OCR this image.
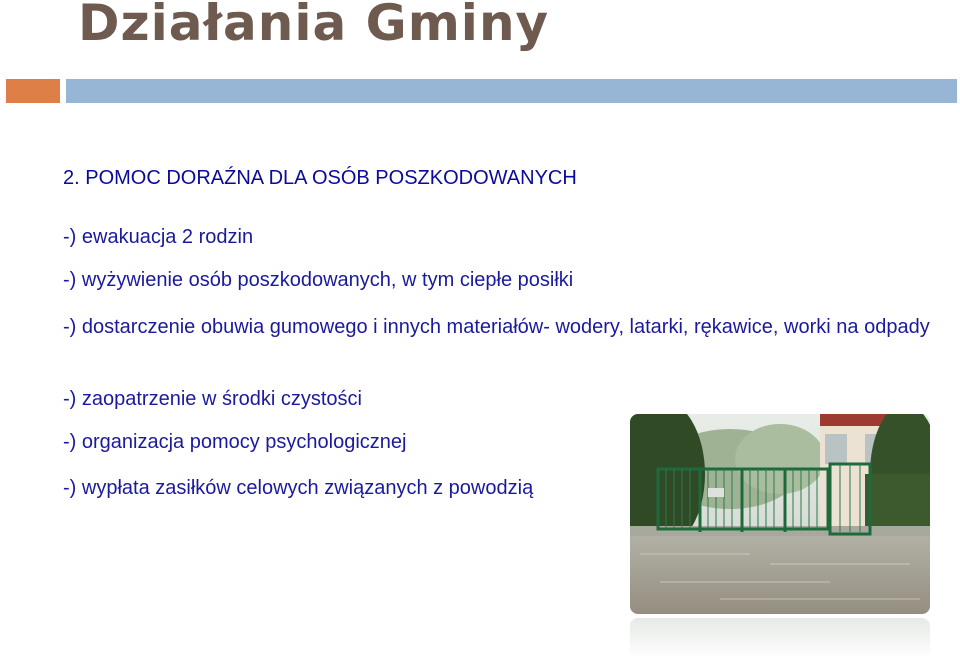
Działania Gminy
2. POMOC DORAŹNA DLA OSÓB POSZKODOWANYCH
-) ewakuacja 2 rodzin
-) wyżywienie osób poszkodowanych, w tym ciepłe posiłki
-) dostarczenie obuwia gumowego i innych materiałów- wodery, latarki, rękawice, worki na odpady
-) zaopatrzenie w środki czystości
-) organizacja pomocy psychologicznej
-) wypłata zasiłków celowych związanych z powodzią
